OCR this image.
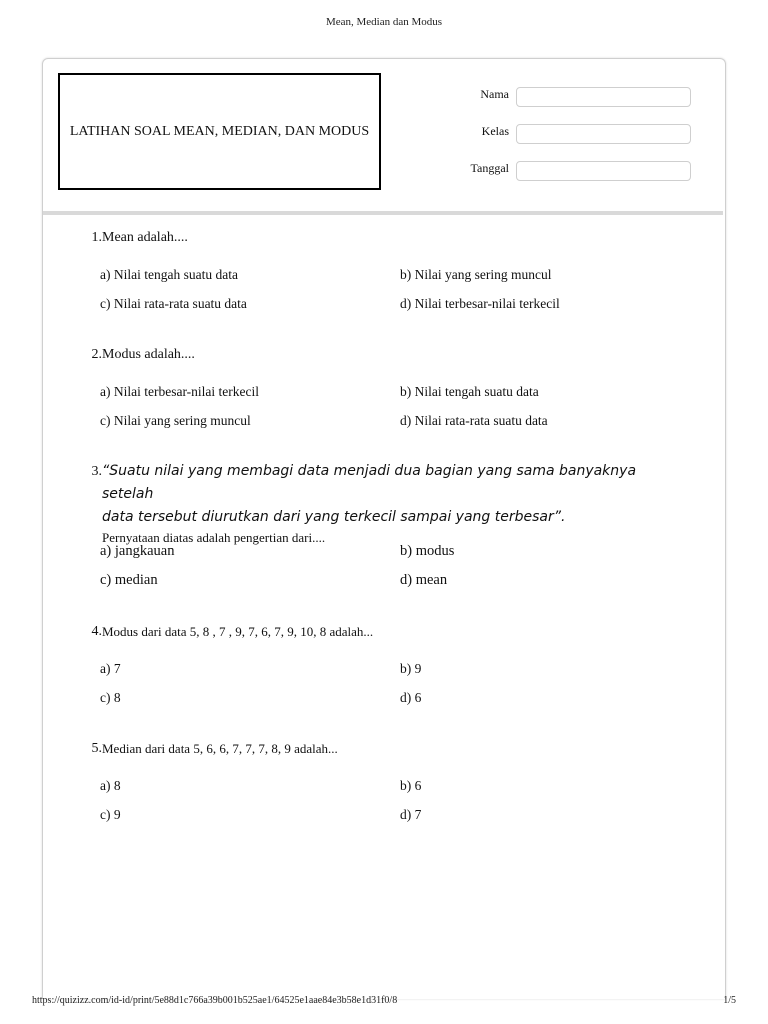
Mean, Median dan Modus
LATIHAN SOAL MEAN, MEDIAN, DAN MODUS
Nama
Kelas
Tanggal
1. Mean adalah....
a) Nilai tengah suatu data	b) Nilai yang sering muncul
c) Nilai rata-rata suatu data	d) Nilai terbesar-nilai terkecil
2. Modus adalah....
a) Nilai terbesar-nilai terkecil	b) Nilai tengah suatu data
c) Nilai yang sering muncul	d) Nilai rata-rata suatu data
3. “Suatu nilai yang membagi data menjadi dua bagian yang sama banyaknya setelah
data tersebut diurutkan dari yang terkecil sampai yang terbesar”.
Pernyataan diatas adalah pengertian dari....
a) jangkauan	b) modus
c) median	d) mean
4. Modus dari data 5, 8 , 7 , 9, 7, 6, 7, 9, 10, 8 adalah...
a) 7	b) 9
c) 8	d) 6
5. Median dari data 5, 6, 6, 7, 7, 7, 8, 9 adalah...
a) 8	b) 6
c) 9	d) 7
https://quizizz.com/id-id/print/5e88d1c766a39b001b525ae1/64525e1aae84e3b58e1d31f0/8	1/5
